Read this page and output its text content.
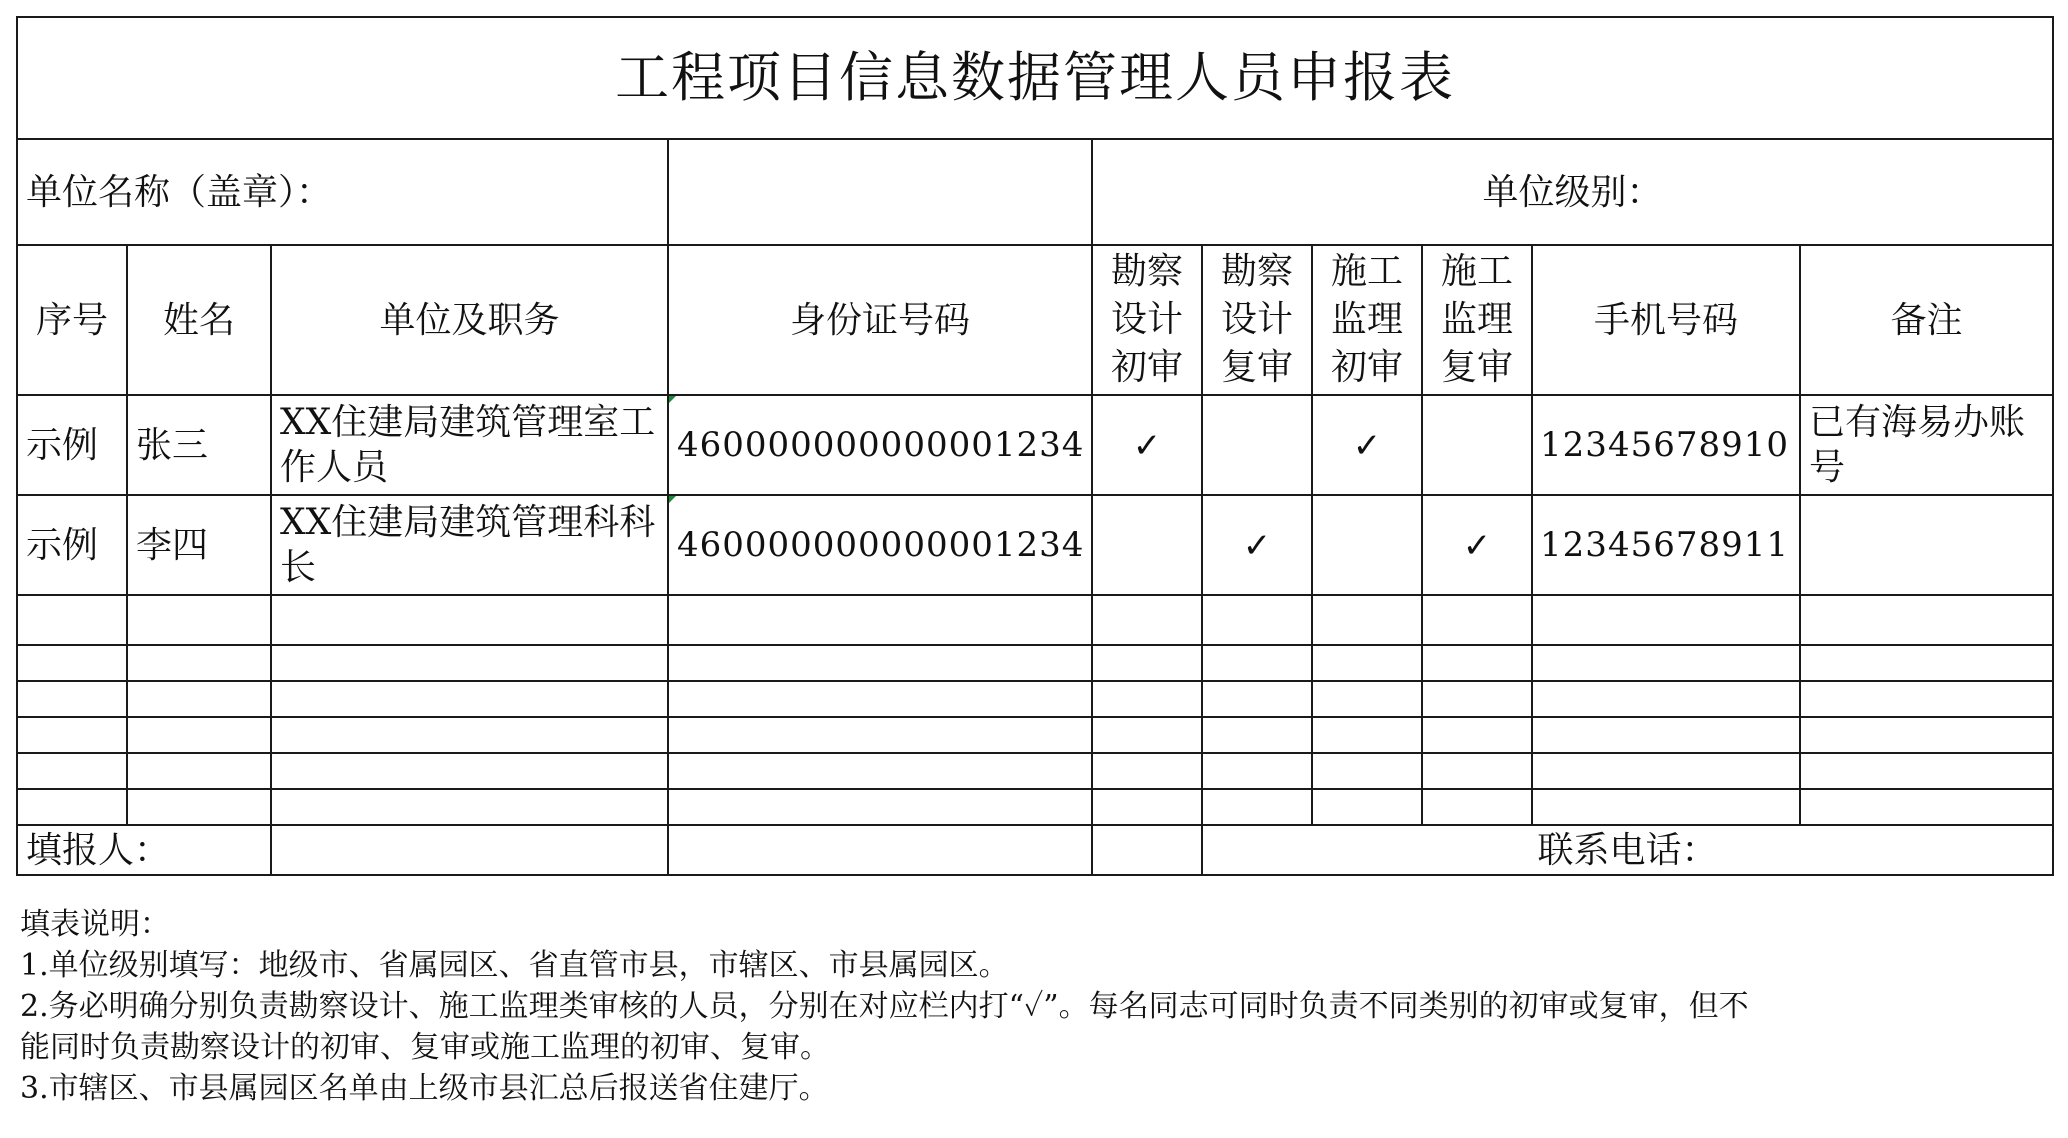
工程项目信息数据管理人员申报表									
单位名称（盖章）：				单位级别：					
序号	姓名	单位及职务	身份证号码	勘察
设计
初审	勘察
设计
复审	施工
监理
初审	施工
监理
复审	手机号码	备注
示例	张三	XX住建局建筑管理室工作人员	460000000000001234	✓		✓		12345678910	已有海易办账号
示例	李四	XX住建局建筑管理科科长	460000000000001234		✓		✓	12345678911	

填报人：					联系电话：				
填表说明：
1.单位级别填写：地级市、省属园区、省直管市县，市辖区、市县属园区。
2.务必明确分别负责勘察设计、施工监理类审核的人员，分别在对应栏内打“✓”。每名同志可同时负责不同类别的初审或复审，但不
能同时负责勘察设计的初审、复审或施工监理的初审、复审。
3.市辖区、市县属园区名单由上级市县汇总后报送省住建厅。
